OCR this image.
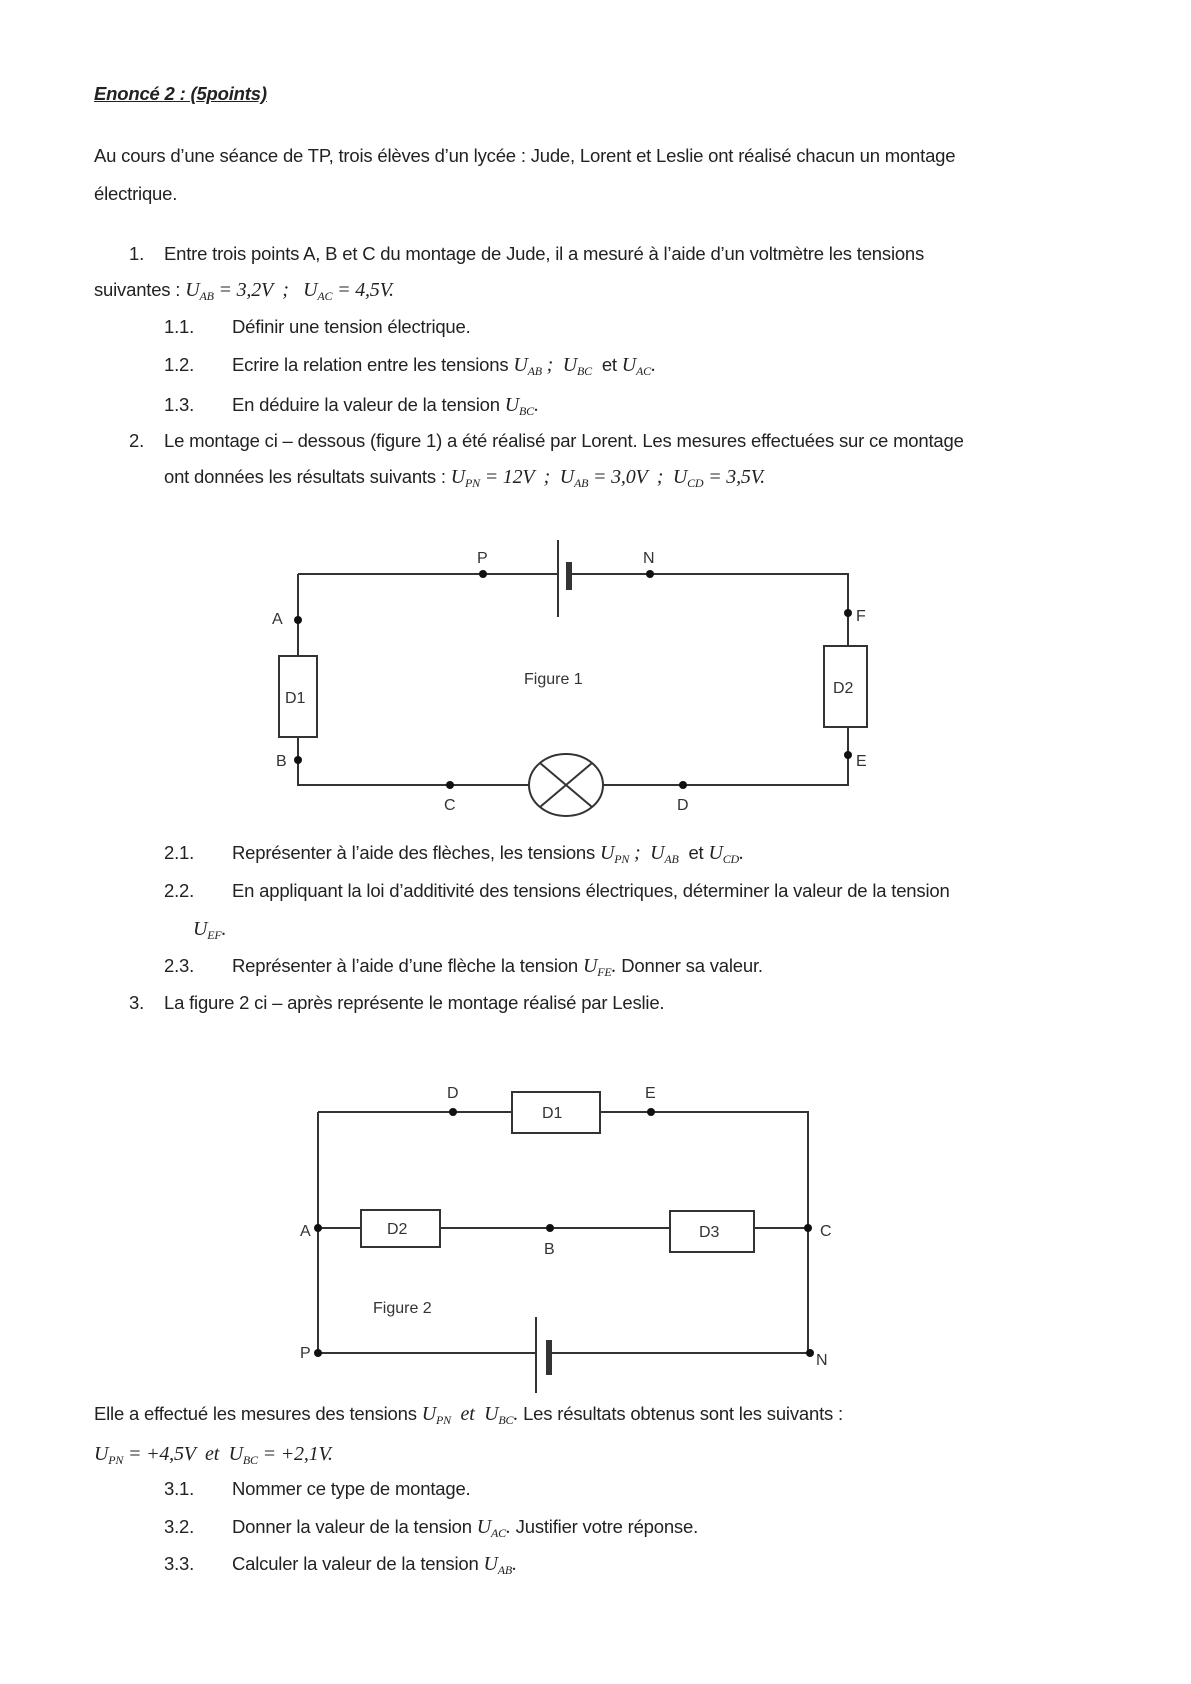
Enoncé 2 : (5points)
Au cours d’une séance de TP, trois élèves d’un lycée : Jude, Lorent et Leslie ont réalisé chacun un montage
électrique.
1. Entre trois points A, B et C du montage de Jude, il a mesuré à l’aide d’un voltmètre les tensions
suivantes : $U_{AB} = 3,2V$  ;   $U_{AC} = 4,5V$.
1.1. Définir une tension électrique.
1.2. Ecrire la relation entre les tensions $U_{AB}$ ;  $U_{BC}$  et $U_{AC}$.
1.3. En déduire la valeur de la tension $U_{BC}$.
2. Le montage ci – dessous (figure 1) a été réalisé par Lorent. Les mesures effectuées sur ce montage
ont données les résultats suivants : $U_{PN} = 12V$  ;  $U_{AB} = 3,0V$  ;  $U_{CD} = 3,5V$.
2.1. Représenter à l’aide des flèches, les tensions $U_{PN}$ ;  $U_{AB}$  et $U_{CD}$.
2.2. En appliquant la loi d’additivité des tensions électriques, déterminer la valeur de la tension
$U_{EF}$.
2.3. Représenter à l’aide d’une flèche la tension $U_{FE}$. Donner sa valeur.
3. La figure 2 ci – après représente le montage réalisé par Leslie.
Elle a effectué les mesures des tensions $U_{PN}$  et  $U_{BC}$. Les résultats obtenus sont les suivants :
$U_{PN} = +4,5V$  et  $U_{BC} = +2,1V$.
3.1. Nommer ce type de montage.
3.2. Donner la valeur de la tension $U_{AC}$. Justifier votre réponse.
3.3. Calculer la valeur de la tension $U_{AB}$.
P	N
A
B
C	D
E
F
D1
D2
Figure 1
D	E
A
B
C
P	N
D1
D2	D3
Figure 2
